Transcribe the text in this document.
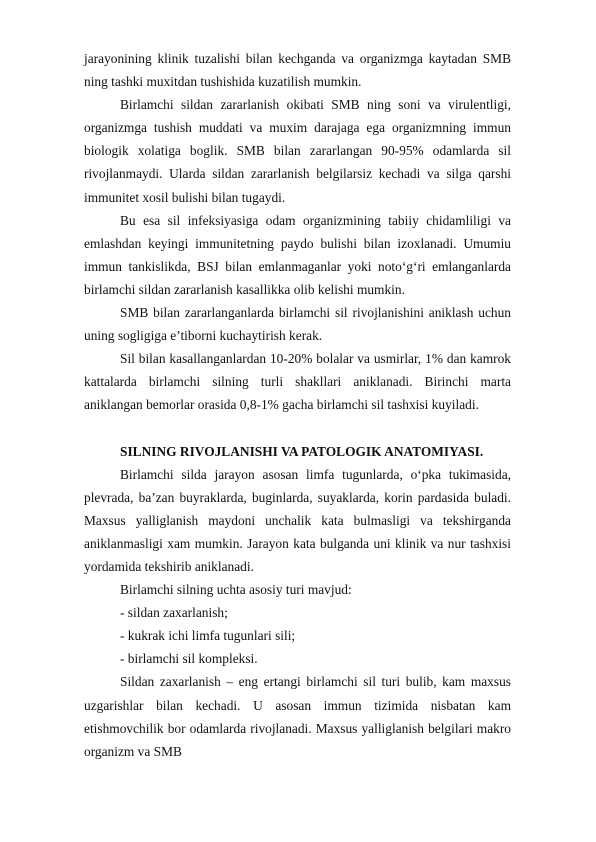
jarayonining klinik tuzalishi bilan kechganda va organizmga kaytadan SMB ning tashki muxitdan tushishida kuzatilish mumkin.

Birlamchi sildan zararlanish okibati SMB ning soni va virulentligi, organizmga tushish muddati va muxim darajaga ega organizmning immun biologik xolatiga boglik. SMB bilan zararlangan 90-95% odamlarda sil rivojlanmaydi. Ularda sildan zararlanish belgilarsiz kechadi va silga qarshi immunitet xosil bulishi bilan tugaydi.

Bu esa sil infeksiyasiga odam organizmining tabiiy chidamliligi va emlashdan keyingi immunitetning paydo bulishi bilan izoxlanadi. Umumiu immun tankislikda, BSJ bilan emlanmaganlar yoki noto‘g‘ri emlanganlarda birlamchi sildan zararlanish kasallikka olib kelishi mumkin.

SMB bilan zararlanganlarda birlamchi sil rivojlanishini aniklash uchun uning sogligiga e’tiborni kuchaytirish kerak.

Sil bilan kasallanganlardan 10-20% bolalar va usmirlar, 1% dan kamrok kattalarda birlamchi silning turli shakllari aniklanadi. Birinchi marta aniklangan bemorlar orasida 0,8-1% gacha birlamchi sil tashxisi kuyiladi.

SILNING RIVOJLANISHI VA PATOLOGIK ANATOMIYASI.

Birlamchi silda jarayon asosan limfa tugunlarda, o‘pka tukimasida, plevrada, ba’zan buyraklarda, buginlarda, suyaklarda, korin pardasida buladi. Maxsus yalliglanish maydoni unchalik kata bulmasligi va tekshirganda aniklanmasligi xam mumkin. Jarayon kata bulganda uni klinik va nur tashxisi yordamida tekshirib aniklanadi.

Birlamchi silning uchta asosiy turi mavjud:

- sildan zaxarlanish;

- kukrak ichi limfa tugunlari sili;

- birlamchi sil kompleksi.

Sildan zaxarlanish – eng ertangi birlamchi sil turi bulib, kam maxsus uzgarishlar bilan kechadi. U asosan immun tizimida nisbatan kam etishmovchilik bor odamlarda rivojlanadi. Maxsus yalliglanish belgilari makro organizm va SMB
